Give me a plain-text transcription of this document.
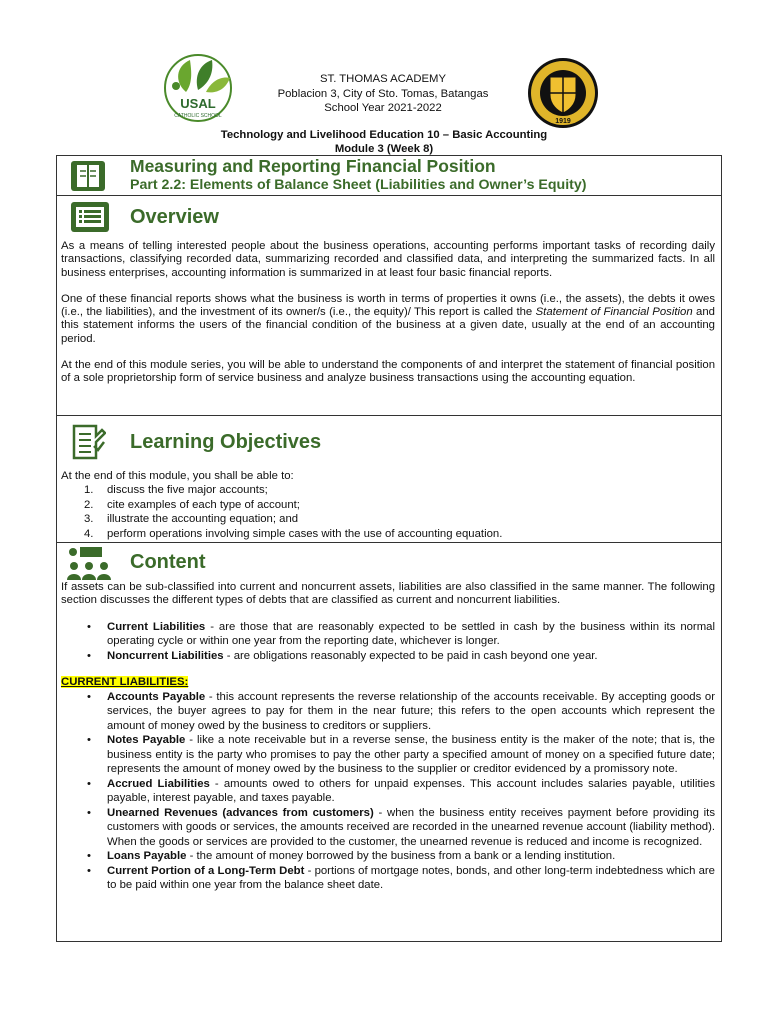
USAL
CATHOLIC SCHOOL
1919
ST. THOMAS ACADEMY
Poblacion 3, City of Sto. Tomas, Batangas
School Year 2021-2022
Technology and Livelihood Education 10 – Basic Accounting
Module 3 (Week 8)
Measuring and Reporting Financial Position
Part 2.2: Elements of Balance Sheet (Liabilities and Owner’s Equity)
Overview

As a means of telling interested people about the business operations, accounting performs important tasks of recording daily transactions, classifying recorded data, summarizing recorded and classified data, and interpreting the summarized facts. In all business enterprises, accounting information is summarized in at least four basic financial reports.

One of these financial reports shows what the business is worth in terms of properties it owns (i.e., the assets), the debts it owes (i.e., the liabilities), and the investment of its owner/s (i.e., the equity)/ This report is called the Statement of Financial Position and this statement informs the users of the financial condition of the business at a given date, usually at the end of an accounting period.

At the end of this module series, you will be able to understand the components of and interpret the statement of financial position of a sole proprietorship form of service business and analyze business transactions using the accounting equation.

Learning Objectives

At the end of this module, you shall be able to:

1. discuss the five major accounts;
2. cite examples of each type of account;
3. illustrate the accounting equation; and
4. perform operations involving simple cases with the use of accounting equation.
Content

If assets can be sub-classified into current and noncurrent assets, liabilities are also classified in the same manner. The following section discusses the different types of debts that are classified as current and noncurrent liabilities.

• Current Liabilities - are those that are reasonably expected to be settled in cash by the business within its normal operating cycle or within one year from the reporting date, whichever is longer.
• Noncurrent Liabilities - are obligations reasonably expected to be paid in cash beyond one year.

CURRENT LIABILITIES:

• Accounts Payable - this account represents the reverse relationship of the accounts receivable. By accepting goods or services, the buyer agrees to pay for them in the near future; this refers to the open accounts which represent the amount of money owed by the business to creditors or suppliers.
• Notes Payable - like a note receivable but in a reverse sense, the business entity is the maker of the note; that is, the business entity is the party who promises to pay the other party a specified amount of money on a specified future date; represents the amount of money owed by the business to the supplier or creditor evidenced by a promissory note.
• Accrued Liabilities - amounts owed to others for unpaid expenses. This account includes salaries payable, utilities payable, interest payable, and taxes payable.
• Unearned Revenues (advances from customers) - when the business entity receives payment before providing its customers with goods or services, the amounts received are recorded in the unearned revenue account (liability method). When the goods or services are provided to the customer, the unearned revenue is reduced and income is recognized.
• Loans Payable - the amount of money borrowed by the business from a bank or a lending institution.
• Current Portion of a Long-Term Debt - portions of mortgage notes, bonds, and other long-term indebtedness which are to be paid within one year from the balance sheet date.
